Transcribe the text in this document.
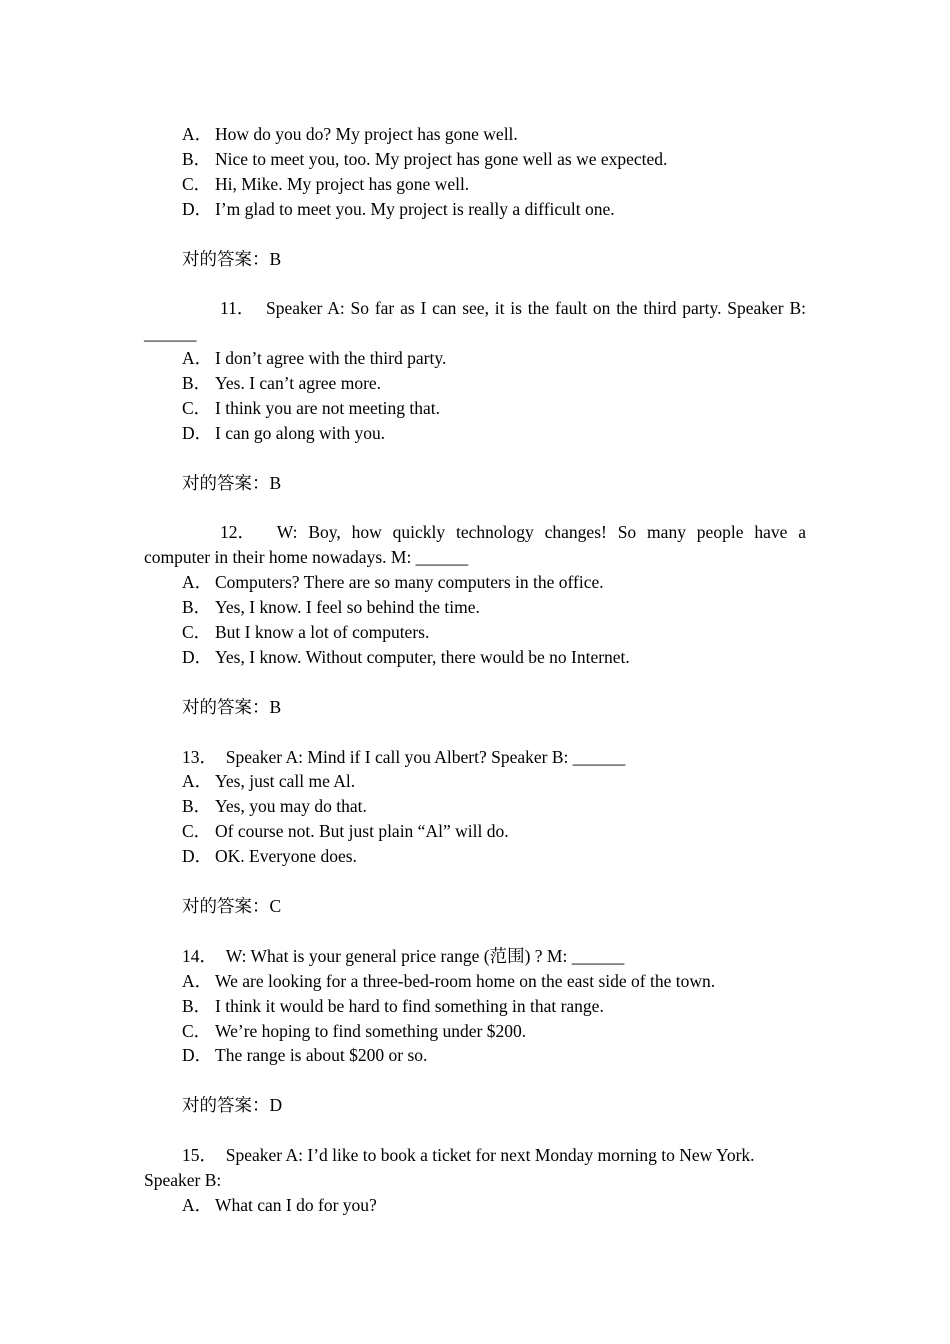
A． How do you do? My project has gone well.
B． Nice to meet you, too. My project has gone well as we expected.
C． Hi, Mike. My project has gone well.
D． I’m glad to meet you. My project is really a difficult one.
对的答案：B
11． Speaker A: So far as I can see, it is the fault on the third party. Speaker B:
______
A． I don’t agree with the third party.
B． Yes. I can’t agree more.
C． I think you are not meeting that.
D． I can go along with you.
对的答案：B
12． W: Boy, how quickly technology changes! So many people have a
computer in their home nowadays. M: ______
A． Computers? There are so many computers in the office.
B． Yes, I know. I feel so behind the time.
C． But I know a lot of computers.
D． Yes, I know. Without computer, there would be no Internet.
对的答案：B
13． Speaker A: Mind if I call you Albert? Speaker B: ______
A． Yes, just call me Al.
B． Yes, you may do that.
C． Of course not. But just plain “Al” will do.
D． OK. Everyone does.
对的答案：C
14． W: What is your general price range (范围) ? M: ______
A． We are looking for a three-bed-room home on the east side of the town.
B． I think it would be hard to find something in that range.
C． We’re hoping to find something under $200.
D． The range is about $200 or so.
对的答案：D
15． Speaker A: I’d like to book a ticket for next Monday morning to New York.
Speaker B:
A． What can I do for you?
